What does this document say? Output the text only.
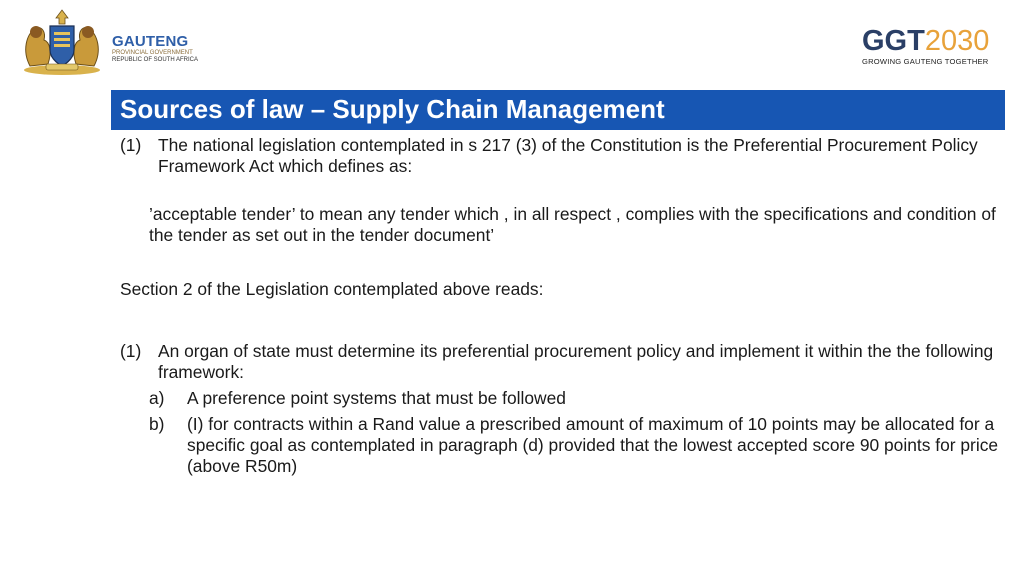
GAUTENG
PROVINCIAL GOVERNMENT
REPUBLIC OF SOUTH AFRICA
GGT2030
GROWING GAUTENG TOGETHER
Sources of law – Supply Chain Management
(1) The national legislation contemplated in s 217 (3) of the Constitution is the Preferential Procurement Policy Framework Act which defines as:
’acceptable tender’ to mean any tender which , in all respect , complies with the specifications and condition of the tender as set out in the tender document’
Section 2 of the Legislation contemplated above reads:
(1) An organ of state must determine its preferential procurement policy and implement it within the the following framework:
a) A preference point systems that must be followed
b) (I) for contracts within a Rand value a prescribed amount of maximum of 10 points may be allocated for a specific goal as contemplated in paragraph (d) provided that the lowest accepted score 90 points for price (above R50m)
